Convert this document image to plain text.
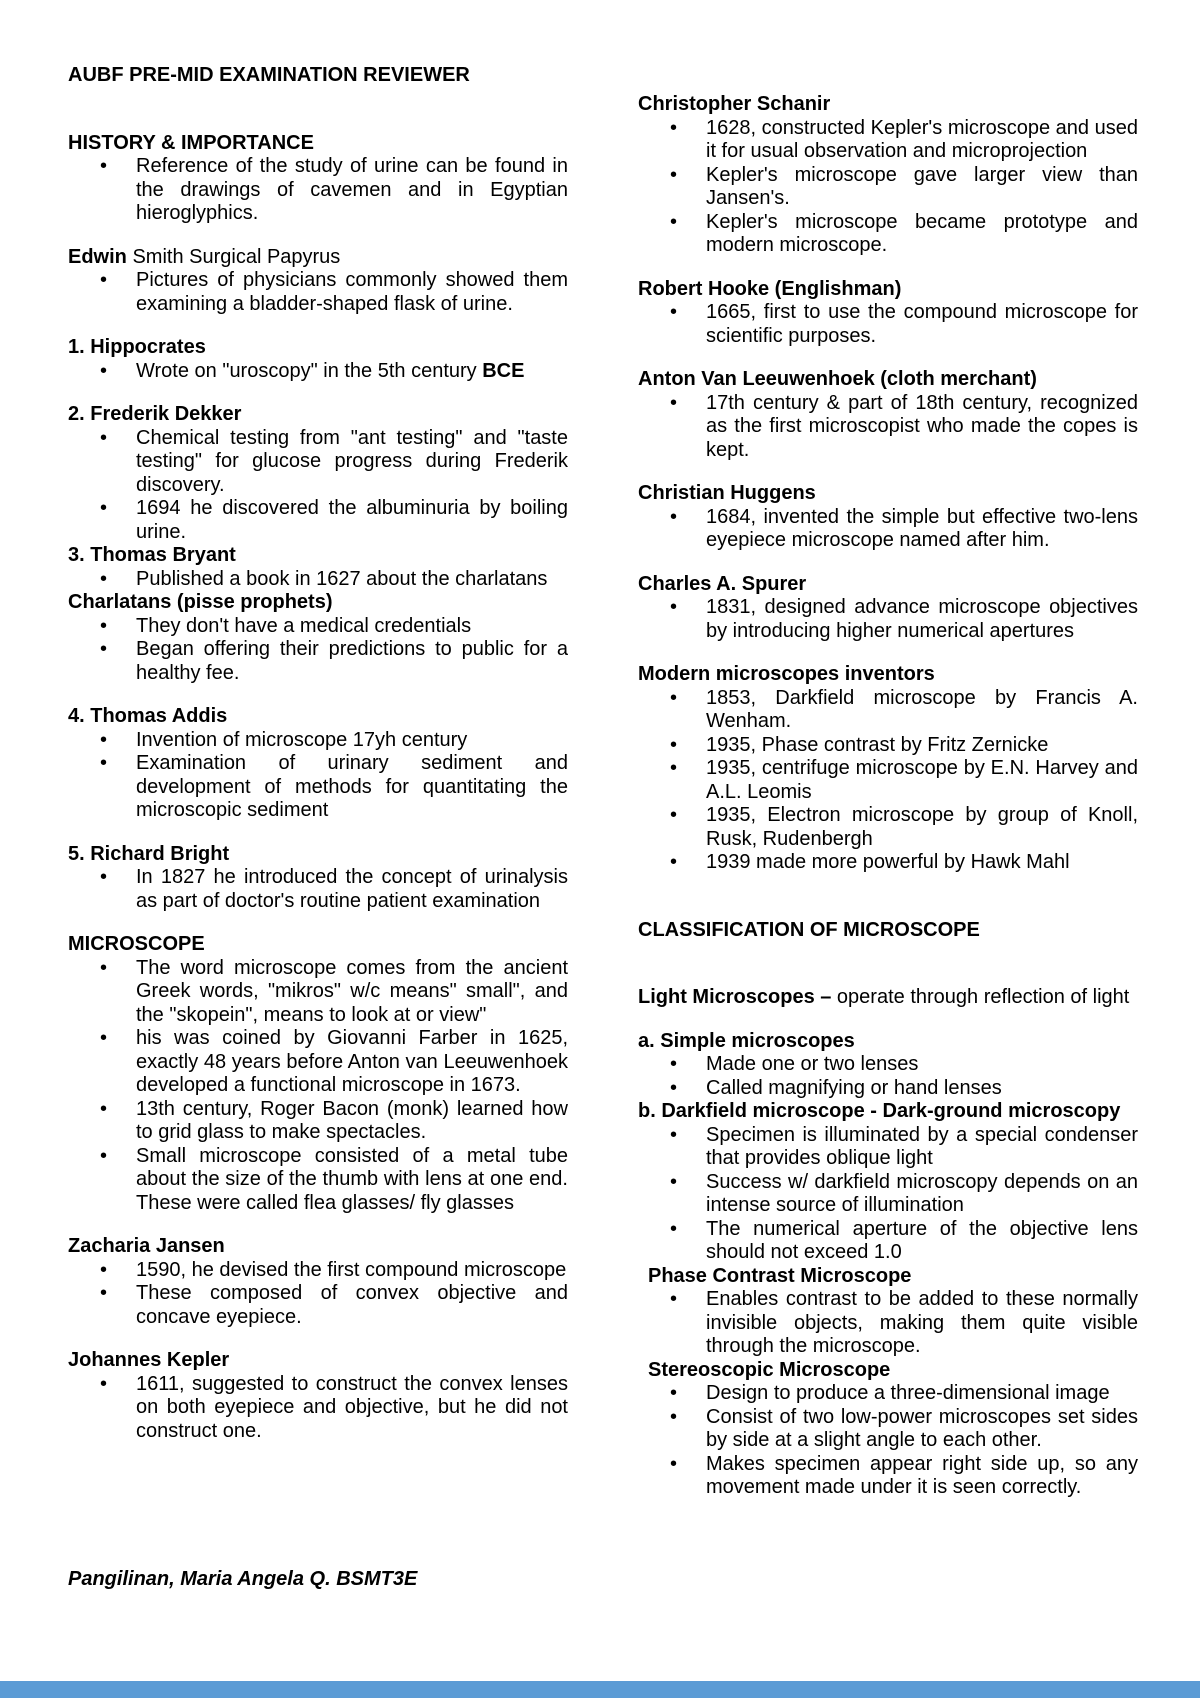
AUBF PRE-MID EXAMINATION REVIEWER
HISTORY & IMPORTANCE
• Reference of the study of urine can be found in the drawings of cavemen and in Egyptian hieroglyphics.
Edwin Smith Surgical Papyrus
• Pictures of physicians commonly showed them examining a bladder-shaped flask of urine.
1. Hippocrates
• Wrote on "uroscopy" in the 5th century BCE
2. Frederik Dekker
• Chemical testing from "ant testing" and "taste testing" for glucose progress during Frederik discovery.
• 1694 he discovered the albuminuria by boiling urine.
3. Thomas Bryant
• Published a book in 1627 about the charlatans
Charlatans (pisse prophets)
• They don't have a medical credentials
• Began offering their predictions to public for a healthy fee.
4. Thomas Addis
• Invention of microscope 17yh century
• Examination of urinary sediment and development of methods for quantitating the microscopic sediment
5. Richard Bright
• In 1827 he introduced the concept of urinalysis as part of doctor's routine patient examination
MICROSCOPE
• The word microscope comes from the ancient Greek words, "mikros" w/c means" small", and the "skopein", means to look at or view"
• his was coined by Giovanni Farber in 1625, exactly 48 years before Anton van Leeuwenhoek developed a functional microscope in 1673.
• 13th century, Roger Bacon (monk) learned how to grid glass to make spectacles.
• Small microscope consisted of a metal tube about the size of the thumb with lens at one end. These were called flea glasses/ fly glasses
Zacharia Jansen
• 1590, he devised the first compound microscope
• These composed of convex objective and concave eyepiece.
Johannes Kepler
• 1611, suggested to construct the convex lenses on both eyepiece and objective, but he did not construct one.
Christopher Schanir
• 1628, constructed Kepler's microscope and used it for usual observation and microprojection
• Kepler's microscope gave larger view than Jansen's.
• Kepler's microscope became prototype and modern microscope.
Robert Hooke (Englishman)
• 1665, first to use the compound microscope for scientific purposes.
Anton Van Leeuwenhoek (cloth merchant)
• 17th century & part of 18th century, recognized as the first microscopist who made the copes is kept.
Christian Huggens
• 1684, invented the simple but effective two-lens eyepiece microscope named after him.
Charles A. Spurer
• 1831, designed advance microscope objectives by introducing higher numerical apertures
Modern microscopes inventors
• 1853, Darkfield microscope by Francis A. Wenham.
• 1935, Phase contrast by Fritz Zernicke
• 1935, centrifuge microscope by E.N. Harvey and A.L. Leomis
• 1935, Electron microscope by group of Knoll, Rusk, Rudenbergh
• 1939 made more powerful by Hawk Mahl
CLASSIFICATION OF MICROSCOPE
Light Microscopes – operate through reflection of light
a. Simple microscopes
• Made one or two lenses
• Called magnifying or hand lenses
b. Darkfield microscope - Dark-ground microscopy
• Specimen is illuminated by a special condenser that provides oblique light
• Success w/ darkfield microscopy depends on an intense source of illumination
• The numerical aperture of the objective lens should not exceed 1.0
Phase Contrast Microscope
• Enables contrast to be added to these normally invisible objects, making them quite visible through the microscope.
Stereoscopic Microscope
• Design to produce a three-dimensional image
• Consist of two low-power microscopes set sides by side at a slight angle to each other.
• Makes specimen appear right side up, so any movement made under it is seen correctly.
Pangilinan, Maria Angela Q. BSMT3E
